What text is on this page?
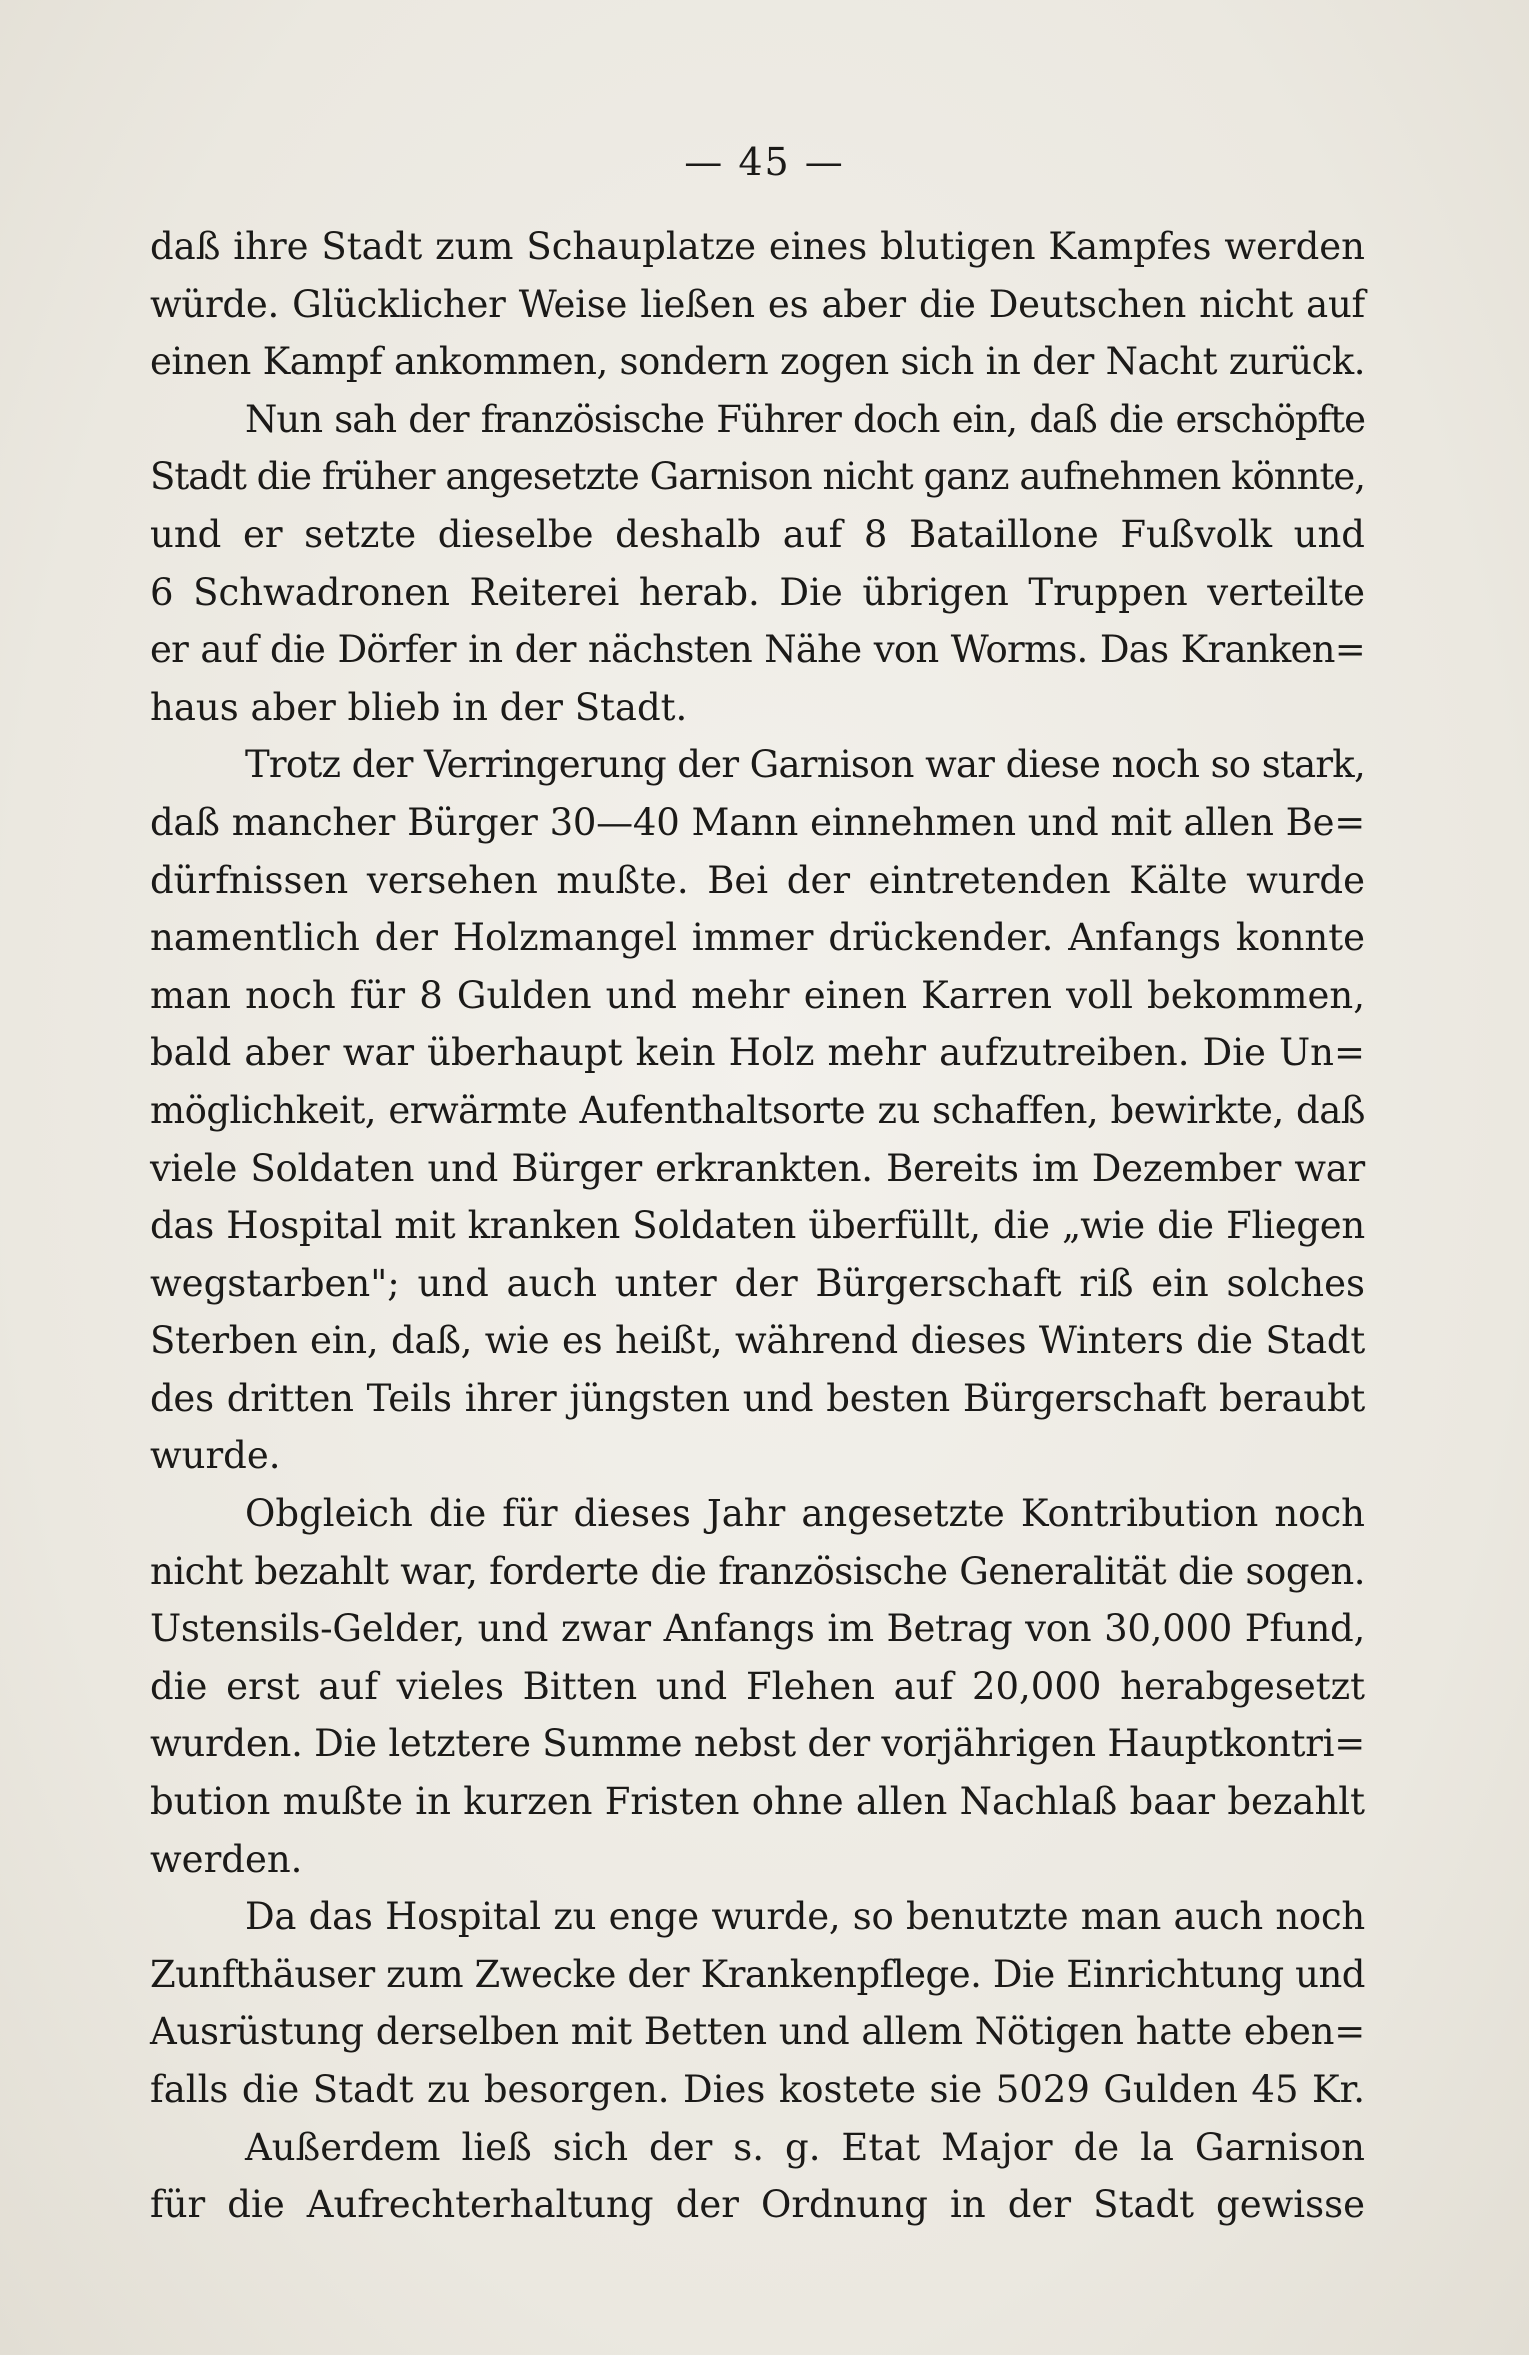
— 45 —
daß ihre Stadt zum Schauplatze eines blutigen Kampfes werden
würde. Glücklicher Weise ließen es aber die Deutschen nicht auf
einen Kampf ankommen, sondern zogen sich in der Nacht zurück.
Nun sah der französische Führer doch ein, daß die erschöpfte
Stadt die früher angesetzte Garnison nicht ganz aufnehmen könnte,
und er setzte dieselbe deshalb auf 8 Bataillone Fußvolk und
6 Schwadronen Reiterei herab. Die übrigen Truppen verteilte
er auf die Dörfer in der nächsten Nähe von Worms. Das Kranken=
haus aber blieb in der Stadt.
Trotz der Verringerung der Garnison war diese noch so stark,
daß mancher Bürger 30—40 Mann einnehmen und mit allen Be=
dürfnissen versehen mußte. Bei der eintretenden Kälte wurde
namentlich der Holzmangel immer drückender. Anfangs konnte
man noch für 8 Gulden und mehr einen Karren voll bekommen,
bald aber war überhaupt kein Holz mehr aufzutreiben. Die Un=
möglichkeit, erwärmte Aufenthaltsorte zu schaffen, bewirkte, daß
viele Soldaten und Bürger erkrankten. Bereits im Dezember war
das Hospital mit kranken Soldaten überfüllt, die „wie die Fliegen
wegstarben"; und auch unter der Bürgerschaft riß ein solches
Sterben ein, daß, wie es heißt, während dieses Winters die Stadt
des dritten Teils ihrer jüngsten und besten Bürgerschaft beraubt
wurde.
Obgleich die für dieses Jahr angesetzte Kontribution noch
nicht bezahlt war, forderte die französische Generalität die sogen.
Ustensils-Gelder, und zwar Anfangs im Betrag von 30,000 Pfund,
die erst auf vieles Bitten und Flehen auf 20,000 herabgesetzt
wurden. Die letztere Summe nebst der vorjährigen Hauptkontri=
bution mußte in kurzen Fristen ohne allen Nachlaß baar bezahlt
werden.
Da das Hospital zu enge wurde, so benutzte man auch noch
Zunfthäuser zum Zwecke der Krankenpflege. Die Einrichtung und
Ausrüstung derselben mit Betten und allem Nötigen hatte eben=
falls die Stadt zu besorgen. Dies kostete sie 5029 Gulden 45 Kr.
Außerdem ließ sich der s. g. Etat Major de la Garnison
für die Aufrechterhaltung der Ordnung in der Stadt gewisse
